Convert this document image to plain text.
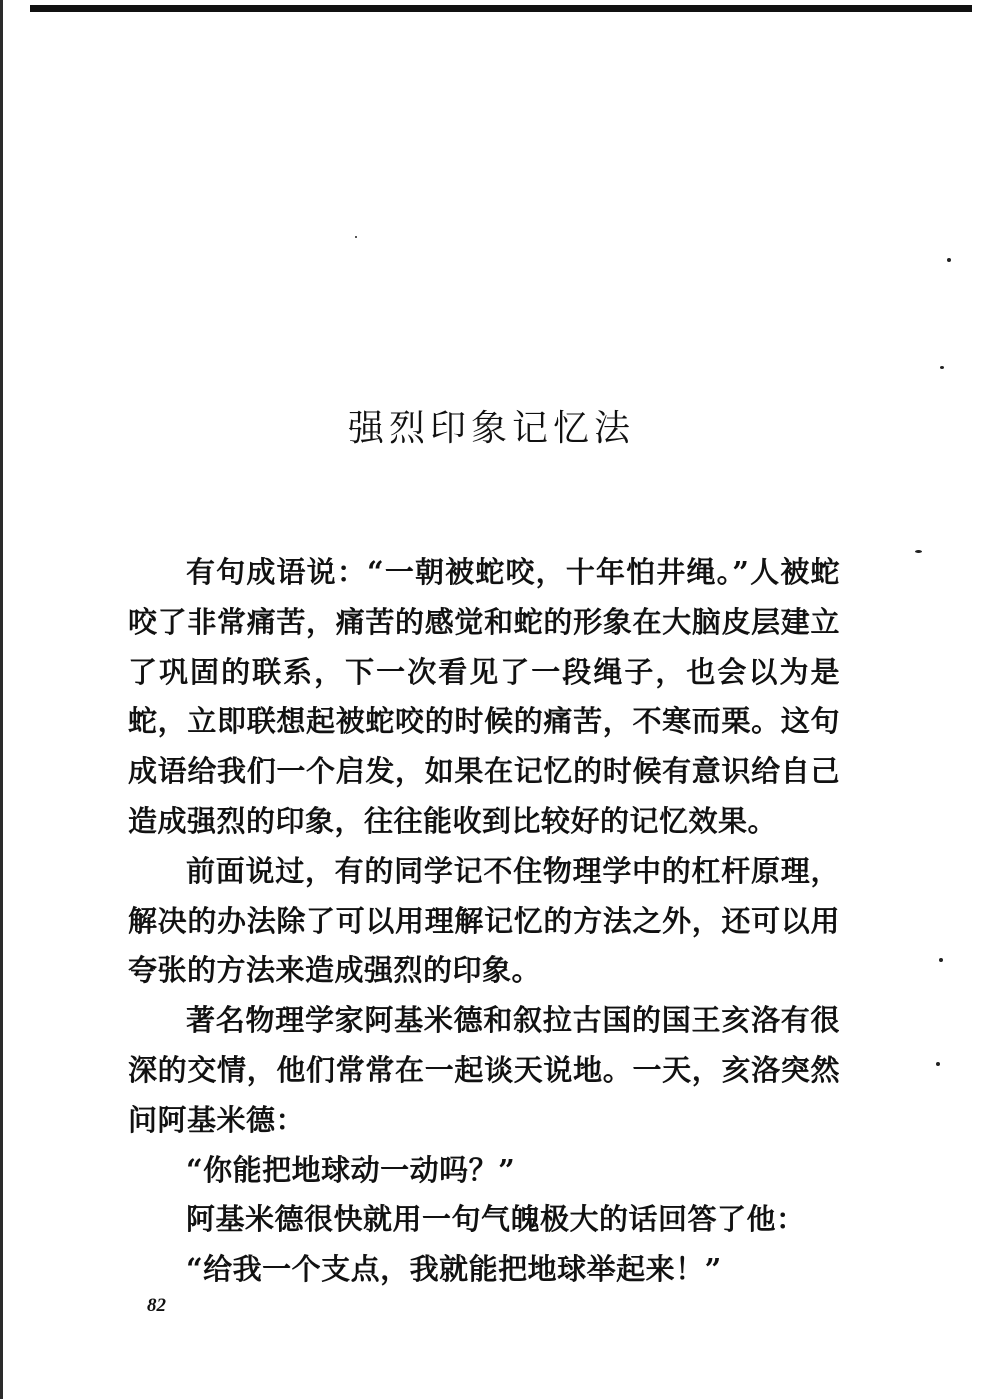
强烈印象记忆法

有句成语说：“一朝被蛇咬，十年怕井绳。”人被蛇咬了非常痛苦，痛苦的感觉和蛇的形象在大脑皮层建立了巩固的联系，下一次看见了一段绳子，也会以为是蛇，立即联想起被蛇咬的时候的痛苦，不寒而栗。这句成语给我们一个启发，如果在记忆的时候有意识给自己造成强烈的印象，往往能收到比较好的记忆效果。

前面说过，有的同学记不住物理学中的杠杆原理，解决的办法除了可以用理解记忆的方法之外，还可以用夸张的方法来造成强烈的印象。

著名物理学家阿基米德和叙拉古国的国王亥洛有很深的交情，他们常常在一起谈天说地。一天，亥洛突然问阿基米德：

“你能把地球动一动吗？”

阿基米德很快就用一句气魄极大的话回答了他：

“给我一个支点，我就能把地球举起来！”

82
